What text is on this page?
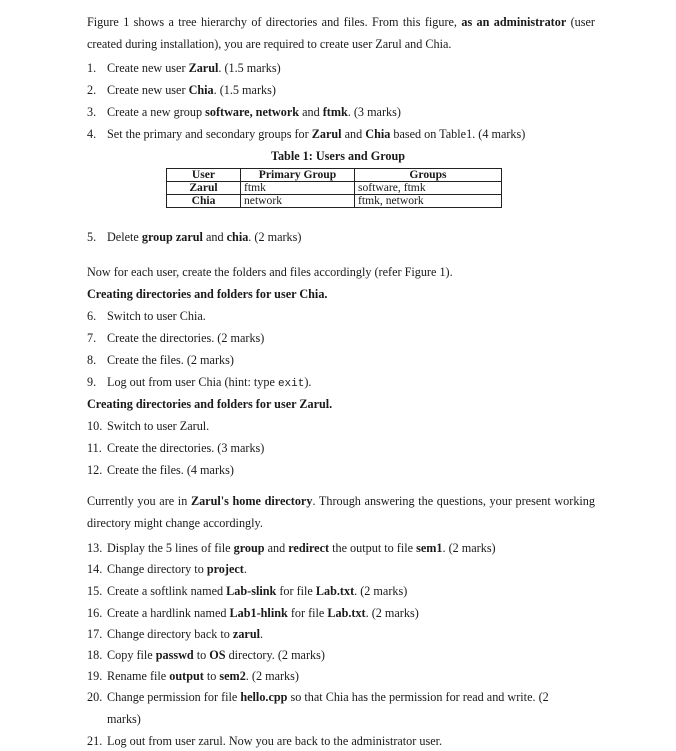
Figure 1 shows a tree hierarchy of directories and files. From this figure, as an administrator (user created during installation), you are required to create user Zarul and Chia.

1. Create new user Zarul. (1.5 marks)
2. Create new user Chia. (1.5 marks)
3. Create a new group software, network and ftmk. (3 marks)
4. Set the primary and secondary groups for Zarul and Chia based on Table1. (4 marks)
Table 1: Users and Group
User	Primary Group	Groups
Zarul	ftmk	software, ftmk
Chia	network	ftmk, network
5. Delete group zarul and chia. (2 marks)
Now for each user, create the folders and files accordingly (refer Figure 1).
Creating directories and folders for user Chia.
6. Switch to user Chia.
7. Create the directories. (2 marks)
8. Create the files. (2 marks)
9. Log out from user Chia (hint: type exit).
Creating directories and folders for user Zarul.
10. Switch to user Zarul.
11. Create the directories. (3 marks)
12. Create the files. (4 marks)

Currently you are in Zarul's home directory. Through answering the questions, your present working directory might change accordingly.

13. Display the 5 lines of file group and redirect the output to file sem1. (2 marks)
14. Change directory to project.
15. Create a softlink named Lab-slink for file Lab.txt. (2 marks)
16. Create a hardlink named Lab1-hlink for file Lab.txt. (2 marks)
17. Change directory back to zarul.
18. Copy file passwd to OS directory. (2 marks)
19. Rename file output to sem2. (2 marks)
20. Change permission for file hello.cpp so that Chia has the permission for read and write. (2
marks)
21. Log out from user zarul. Now you are back to the administrator user.
